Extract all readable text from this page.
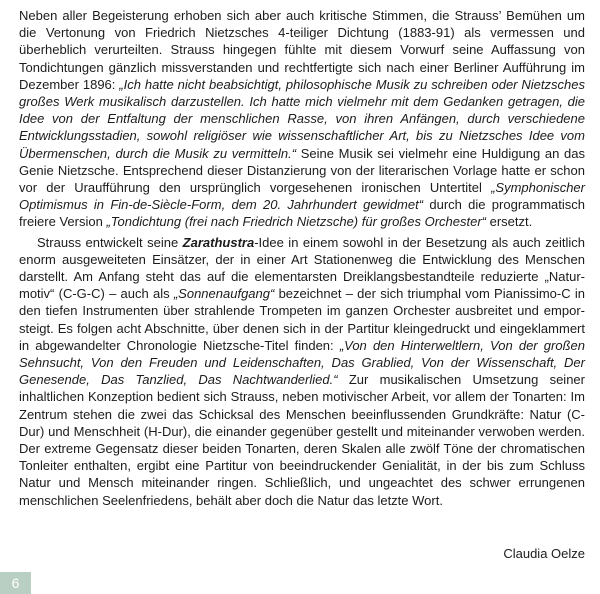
Neben aller Begeisterung erhoben sich aber auch kritische Stimmen, die Strauss’ Bemühen um die Vertonung von Friedrich Nietzsches 4-teiliger Dichtung (1883-91) als vermessen und überheblich verurteilten. Strauss hingegen fühlte mit diesem Vorwurf seine Auffassung von Tondichtungen gänzlich missverstanden und rechtfertigte sich nach einer Berliner Aufführung im Dezember 1896: „Ich hatte nicht beabsichtigt, philosophische Musik zu schreiben oder Nietzsches großes Werk musikalisch darzustellen. Ich hatte mich vielmehr mit dem Gedanken getragen, die Idee von der Entfaltung der menschlichen Rasse, von ihren Anfängen, durch verschiedene Entwicklungsstadien, sowohl religiöser wie wissenschaftlicher Art, bis zu Nietzsches Idee vom Übermenschen, durch die Musik zu vermitteln.“ Seine Musik sei vielmehr eine Huldigung an das Genie Nietzsche. Entsprechend dieser Distanzierung von der literarischen Vorlage hatte er schon vor der Uraufführung den ursprünglich vorgesehenen ironischen Untertitel „Symphonischer Optimismus in Fin-de-Siècle-Form, dem 20. Jahrhundert gewidmet“ durch die programmatisch freiere Version „Tondichtung (frei nach Friedrich Nietzsche) für großes Orchester“ ersetzt.

Strauss entwickelt seine Zarathustra-Idee in einem sowohl in der Besetzung als auch zeitlich enorm ausgeweiteten Einsätzer, der in einer Art Stationenweg die Entwicklung des Menschen darstellt. Am Anfang steht das auf die elementarsten Dreiklangsbestandteile reduzierte „Naturmotiv“ (C-G-C) – auch als „Sonnenaufgang“ bezeichnet – der sich triumphal vom Pianissimo-C in den tiefen Instrumenten über strahlende Trompeten im ganzen Orchester ausbreitet und emporsteigt. Es folgen acht Abschnitte, über denen sich in der Partitur kleingedruckt und eingeklammert in abgewandelter Chronologie Nietzsche-Titel finden: „Von den Hinterweltlern, Von der großen Sehnsucht, Von den Freuden und Leidenschaften, Das Grablied, Von der Wissenschaft, Der Genesende, Das Tanzlied, Das Nachtwanderlied.“ Zur musikalischen Umsetzung seiner inhaltlichen Konzeption bedient sich Strauss, neben motivischer Arbeit, vor allem der Tonarten: Im Zentrum stehen die zwei das Schicksal des Menschen beeinflussenden Grundkräfte: Natur (C-Dur) und Menschheit (H-Dur), die einander gegenüber gestellt und miteinander verwoben werden. Der extreme Gegensatz dieser beiden Tonarten, deren Skalen alle zwölf Töne der chromatischen Tonleiter enthalten, ergibt eine Partitur von beeindruckender Genialität, in der bis zum Schluss Natur und Mensch miteinander ringen. Schließlich, und ungeachtet des schwer errungenen menschlichen Seelenfriedens, behält aber doch die Natur das letzte Wort.

Claudia Oelze
6
